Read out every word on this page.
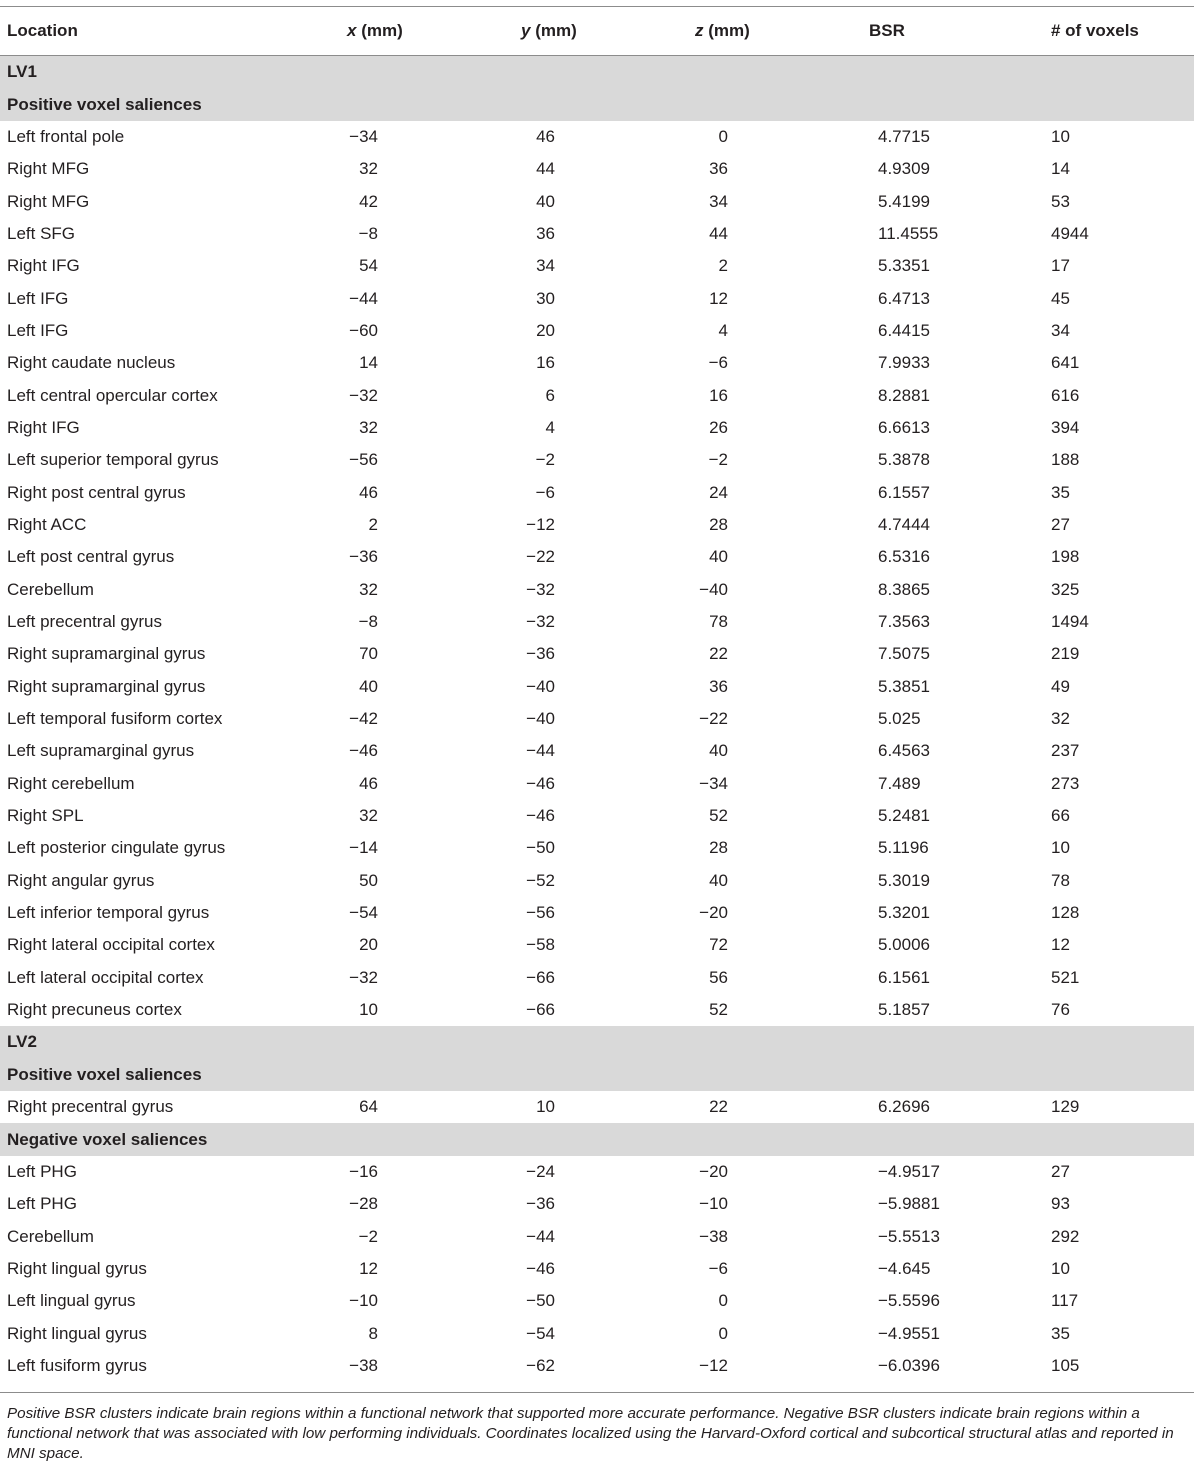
Location	x (mm)	y (mm)	z (mm)	BSR	# of voxels
LV1					
Positive voxel saliences					
Left frontal pole	−34	46	0	4.7715	10
Right MFG	32	44	36	4.9309	14
Right MFG	42	40	34	5.4199	53
Left SFG	−8	36	44	11.4555	4944
Right IFG	54	34	2	5.3351	17
Left IFG	−44	30	12	6.4713	45
Left IFG	−60	20	4	6.4415	34
Right caudate nucleus	14	16	−6	7.9933	641
Left central opercular cortex	−32	6	16	8.2881	616
Right IFG	32	4	26	6.6613	394
Left superior temporal gyrus	−56	−2	−2	5.3878	188
Right post central gyrus	46	−6	24	6.1557	35
Right ACC	2	−12	28	4.7444	27
Left post central gyrus	−36	−22	40	6.5316	198
Cerebellum	32	−32	−40	8.3865	325
Left precentral gyrus	−8	−32	78	7.3563	1494
Right supramarginal gyrus	70	−36	22	7.5075	219
Right supramarginal gyrus	40	−40	36	5.3851	49
Left temporal fusiform cortex	−42	−40	−22	5.025	32
Left supramarginal gyrus	−46	−44	40	6.4563	237
Right cerebellum	46	−46	−34	7.489	273
Right SPL	32	−46	52	5.2481	66
Left posterior cingulate gyrus	−14	−50	28	5.1196	10
Right angular gyrus	50	−52	40	5.3019	78
Left inferior temporal gyrus	−54	−56	−20	5.3201	128
Right lateral occipital cortex	20	−58	72	5.0006	12
Left lateral occipital cortex	−32	−66	56	6.1561	521
Right precuneus cortex	10	−66	52	5.1857	76
LV2					
Positive voxel saliences					
Right precentral gyrus	64	10	22	6.2696	129
Negative voxel saliences					
Left PHG	−16	−24	−20	−4.9517	27
Left PHG	−28	−36	−10	−5.9881	93
Cerebellum	−2	−44	−38	−5.5513	292
Right lingual gyrus	12	−46	−6	−4.645	10
Left lingual gyrus	−10	−50	0	−5.5596	117
Right lingual gyrus	8	−54	0	−4.9551	35
Left fusiform gyrus	−38	−62	−12	−6.0396	105
Positive BSR clusters indicate brain regions within a functional network that supported more accurate performance. Negative BSR clusters indicate brain regions within a functional network that was associated with low performing individuals. Coordinates localized using the Harvard-Oxford cortical and subcortical structural atlas and reported in MNI space.
